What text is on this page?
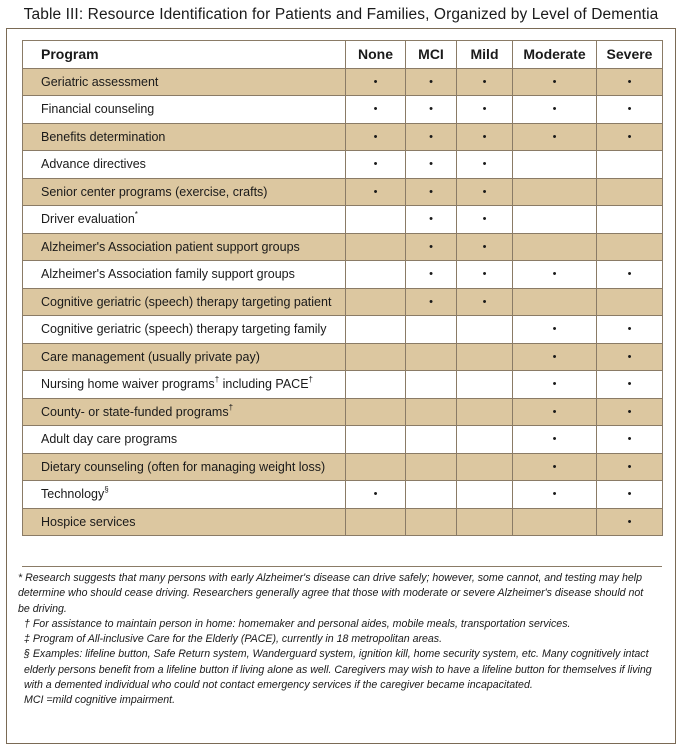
Table III: Resource Identification for Patients and Families, Organized by Level of Dementia
Program	None	MCI	Mild	Moderate	Severe
Geriatric assessment	•	•	•	•	•
Financial counseling	•	•	•	•	•
Benefits determination	•	•	•	•	•
Advance directives	•	•	•		
Senior center programs (exercise, crafts)	•	•	•		
Driver evaluation*		•	•		
Alzheimer's Association patient support groups		•	•		
Alzheimer's Association family support groups		•	•	•	•
Cognitive geriatric (speech) therapy targeting patient		•	•		
Cognitive geriatric (speech) therapy targeting family				•	•
Care management (usually private pay)				•	•
Nursing home waiver programs† including PACE†				•	•
County- or state-funded programs†				•	•
Adult day care programs				•	•
Dietary counseling (often for managing weight loss)				•	•
Technology§	•			•	•
Hospice services					•

* Research suggests that many persons with early Alzheimer's disease can drive safely; however, some cannot, and testing may help determine who should cease driving. Researchers generally agree that those with moderate or severe Alzheimer's disease should not be driving.

† For assistance to maintain person in home: homemaker and personal aides, mobile meals, transportation services.

‡ Program of All-inclusive Care for the Elderly (PACE), currently in 18 metropolitan areas.

§ Examples: lifeline button, Safe Return system, Wanderguard system, ignition kill, home security system, etc. Many cognitively intact elderly persons benefit from a lifeline button if living alone as well. Caregivers may wish to have a lifeline button for themselves if living with a demented individual who could not contact emergency services if the caregiver became incapacitated.

MCI =mild cognitive impairment.
